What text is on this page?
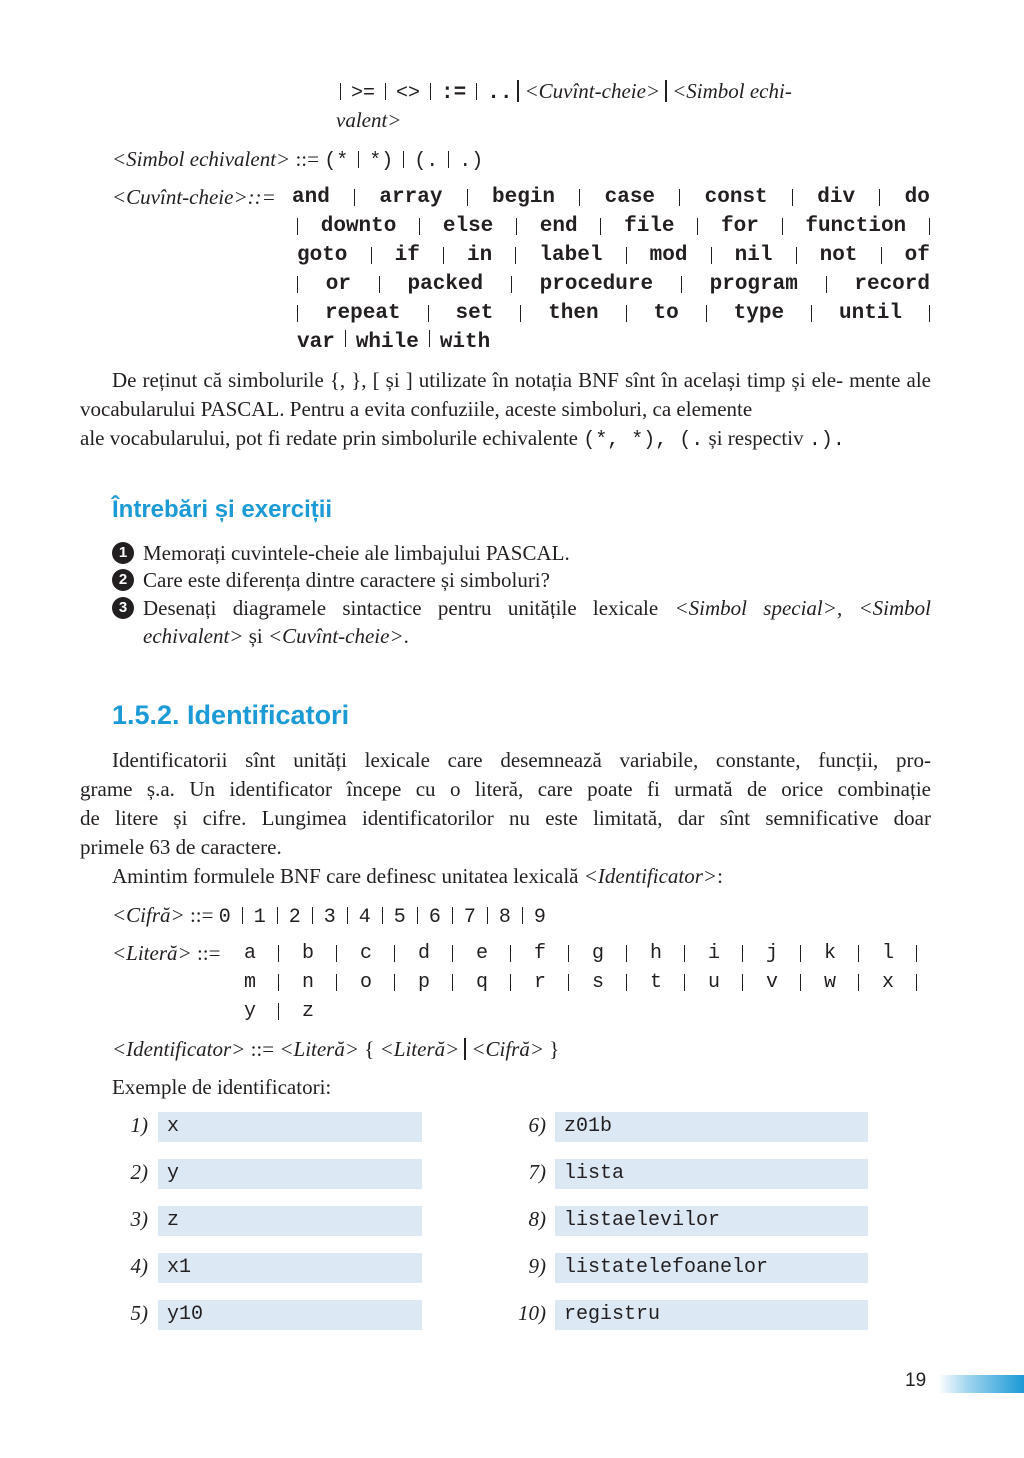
>= <> := .. <Cuvînt-cheie> <Simbol echi-
valent>
<Simbol echivalent> ::= (* *) (. .)
<Cuvînt-cheie>::= and array begin case const div do
downto else end file for function
goto if in label mod nil not of
or	packed	procedure	program	record
repeat	set	then	to	type	until
var while with
De reținut că simbolurile {, }, [ și ] utilizate în notația BNF sînt în același timp și ele- mente ale vocabularului PASCAL. Pentru a evita confuziile, aceste simboluri, ca elemente
ale vocabularului, pot fi redate prin simbolurile echivalente (*, *), (. și respectiv .).
Întrebări și exerciții
1 Memorați cuvintele-cheie ale limbajului PASCAL.
2 Care este diferența dintre caractere și simboluri?
3 Desenați diagramele sintactice pentru unitățile lexicale <Simbol special>, <Simbol
echivalent> și <Cuvînt-cheie>.
1.5.2. Identificatori
Identificatorii sînt unități lexicale care desemnează variabile, constante, funcții, pro-
grame ș.a. Un identificator începe cu o literă, care poate fi urmată de orice combinație
de litere și cifre. Lungimea identificatorilor nu este limitată, dar sînt semnificative doar
primele 63 de caractere.
Amintim formulele BNF care definesc unitatea lexicală <Identificator>:
<Cifră> ::= 0 1 2 3 4 5 6 7 8 9
<Literă> ::= a b c d e f g h i j k l
m n o p q r s t u v w x
y z
<Identificator> ::= <Literă> { <Literă> <Cifră> }
Exemple de identificatori:
1) x
2) y
3) z
4) x1
5) y10
6) z01b
7) lista
8) listaelevilor
9) listatelefoanelor
10) registru
19
